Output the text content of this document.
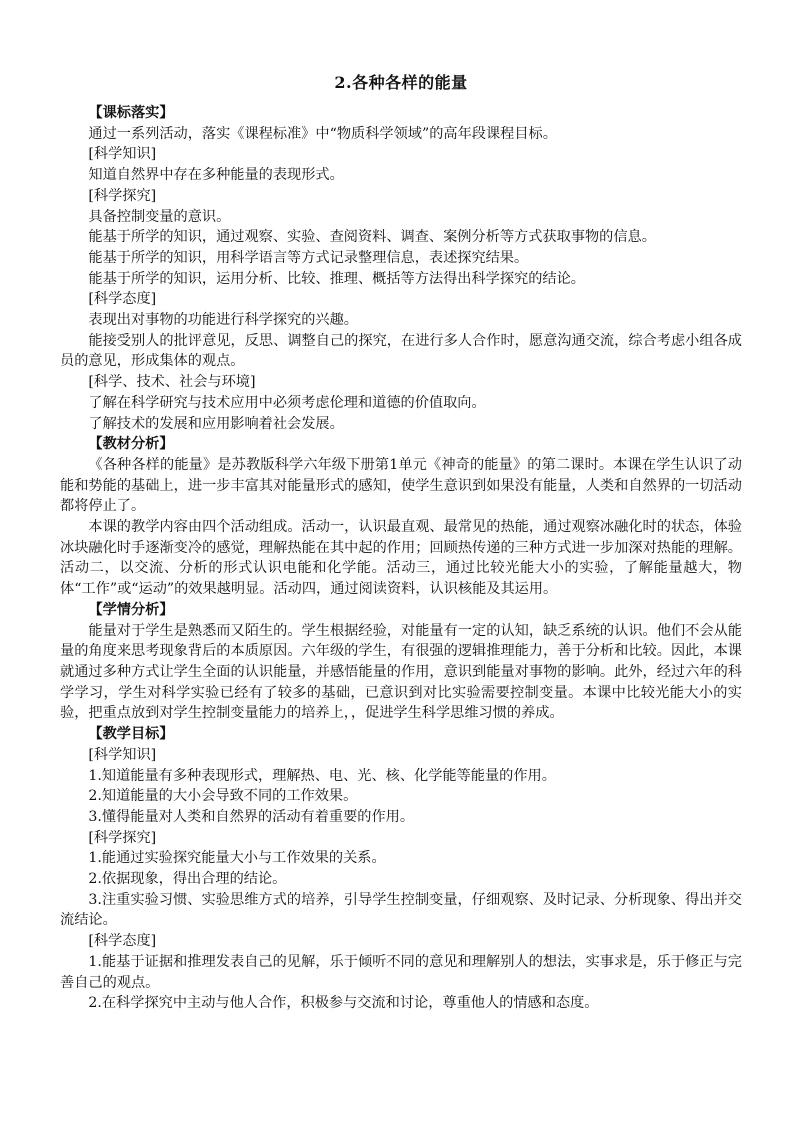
2.各种各样的能量

【课标落实】

通过一系列活动，落实《课程标准》中“物质科学领域”的高年段课程目标。

[科学知识]

知道自然界中存在多种能量的表现形式。

[科学探究]

具备控制变量的意识。

能基于所学的知识，通过观察、实验、查阅资料、调查、案例分析等方式获取事物的信息。

能基于所学的知识，用科学语言等方式记录整理信息，表述探究结果。

能基于所学的知识，运用分析、比较、推理、概括等方法得出科学探究的结论。

[科学态度]

表现出对事物的功能进行科学探究的兴趣。

能接受别人的批评意见，反思、调整自己的探究，在进行多人合作时，愿意沟通交流，综合考虑小组各成员的意见，形成集体的观点。

[科学、技术、社会与环境]

了解在科学研究与技术应用中必须考虑伦理和道德的价值取向。

了解技术的发展和应用影响着社会发展。

【教材分析】

《各种各样的能量》是苏教版科学六年级下册第1单元《神奇的能量》的第二课时。本课在学生认识了动能和势能的基础上，进一步丰富其对能量形式的感知，使学生意识到如果没有能量，人类和自然界的一切活动都将停止了。

本课的教学内容由四个活动组成。活动一，认识最直观、最常见的热能，通过观察冰融化时的状态，体验冰块融化时手逐渐变冷的感觉，理解热能在其中起的作用；回顾热传递的三种方式进一步加深对热能的理解。活动二，以交流、分析的形式认识电能和化学能。活动三，通过比较光能大小的实验，了解能量越大，物体“工作”或“运动”的效果越明显。活动四，通过阅读资料，认识核能及其运用。

【学情分析】

能量对于学生是熟悉而又陌生的。学生根据经验，对能量有一定的认知，缺乏系统的认识。他们不会从能量的角度来思考现象背后的本质原因。六年级的学生，有很强的逻辑推理能力，善于分析和比较。因此，本课就通过多种方式让学生全面的认识能量，并感悟能量的作用，意识到能量对事物的影响。此外，经过六年的科学学习，学生对科学实验已经有了较多的基础，已意识到对比实验需要控制变量。本课中比较光能大小的实验，把重点放到对学生控制变量能力的培养上，，促进学生科学思维习惯的养成。

【教学目标】

[科学知识]

1.知道能量有多种表现形式，理解热、电、光、核、化学能等能量的作用。

2.知道能量的大小会导致不同的工作效果。

3.懂得能量对人类和自然界的活动有着重要的作用。

[科学探究]

1.能通过实验探究能量大小与工作效果的关系。

2.依据现象，得出合理的结论。

3.注重实验习惯、实验思维方式的培养，引导学生控制变量，仔细观察、及时记录、分析现象、得出并交流结论。

[科学态度]

1.能基于证据和推理发表自己的见解，乐于倾听不同的意见和理解别人的想法，实事求是，乐于修正与完善自己的观点。

2.在科学探究中主动与他人合作，积极参与交流和讨论，尊重他人的情感和态度。
